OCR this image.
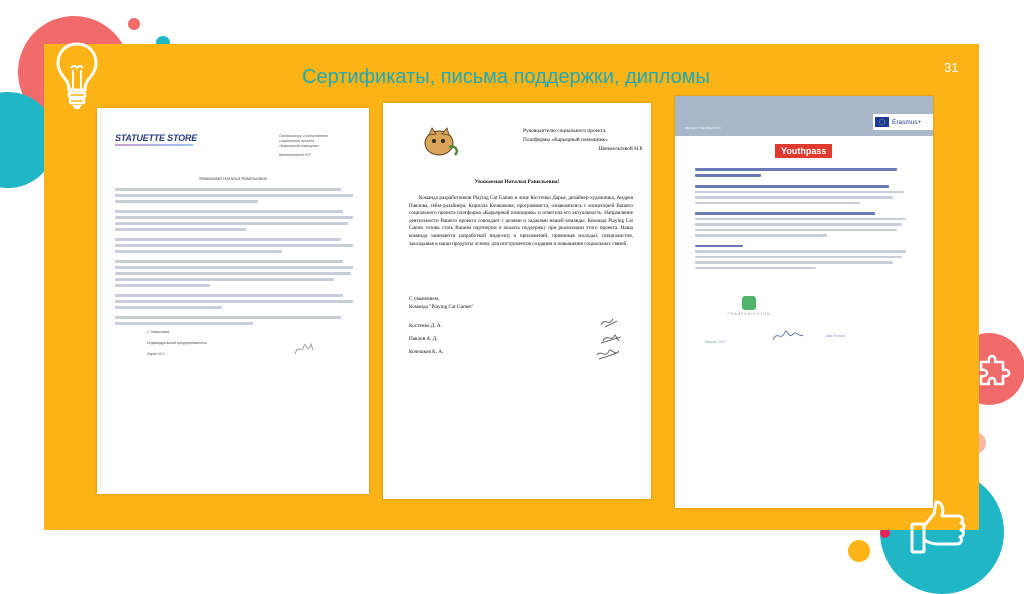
Сертификаты, письма поддержки, дипломы	31
STATUETTE STORE	Организатору и исполнителю
социального проекта
«Карьерный помощник»
Шенмельтевой Н.Р.
Уважаемая Наталья Равильевна!
С Уважением,
Индивидуальный предприниматель
Ларин М.С.
Руководителю социального проекта
Платформы «Карьерный помощник»
Шенмельтевой Н.Р.
Уважаемая Наталья Равильевна!
Команда разработчиков Playing Cat Games в лице Костенко Дарья, дизайнер-художника, Андрея Павлова, гейм-дизайнера, Кирилла Кочешкова, программиста, ознакомились с концепцией Вашего социального проекта платформа «Карьерный помощник» и отметила его актуальность. Направление деятельности Вашего проекта совпадает с целями и задачами нашей команды. Команда Playing Cat Games готова стать Вашим партнером и оказать поддержку при реализации этого проекта. Наша команда занимается разработкой инди-игр и приложений, привлекая молодых специалистов, закладывая в наши продукты основу для инструментов создания и повышения социальных связей.
С уважением,
Команда "Playing Cat Games"
Костенко Д. А.
Павлов А. Д.
Кочешков К. А.
PROJECT INFORMATION
Erasmus+
Youthpass
FRAMENDINGTON
Moscow, 2020
Julia Shipova
